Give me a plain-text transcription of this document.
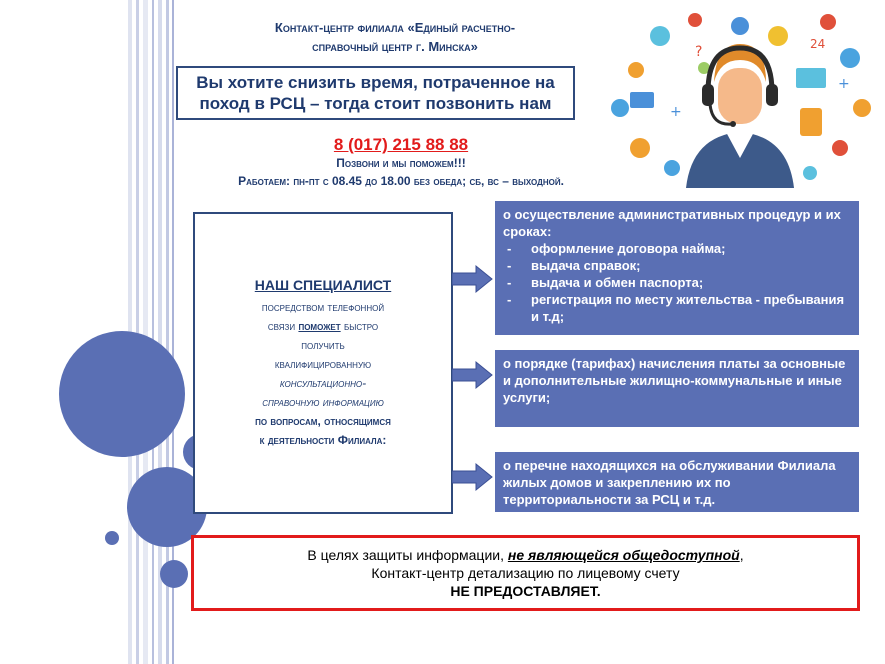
Контакт-центр филиала «Единый расчетно-
справочный центр г. Минска»
Вы хотите снизить время, потраченное на
поход в РСЦ – тогда стоит позвонить нам
8 (017) 215 88 88
Позвони и мы поможем!!!
Работаем: пн-пт с 08.45 до 18.00 без обеда; сб, вс – выходной.
?	24
+
+
НАШ СПЕЦИАЛИСТ
посредством телефонной
связи поможет быстро
получить
квалифицированную
консультационно-
справочную информацию
по вопросам, относящимся
к деятельности Филиала:
о осуществление административных процедур и их сроках:
- оформление договора найма;
- выдача справок;
- выдача и обмен паспорта;
- регистрация по месту жительства - пребывания и т.д;
о порядке (тарифах) начисления платы за основные и дополнительные жилищно-коммунальные и иные услуги;
о перечне находящихся на обслуживании Филиала жилых домов и закреплению их по территориальности за РСЦ и т.д.
В целях защиты информации, не являющейся общедоступной,
Контакт-центр детализацию по лицевому счету
НЕ ПРЕДОСТАВЛЯЕТ.
